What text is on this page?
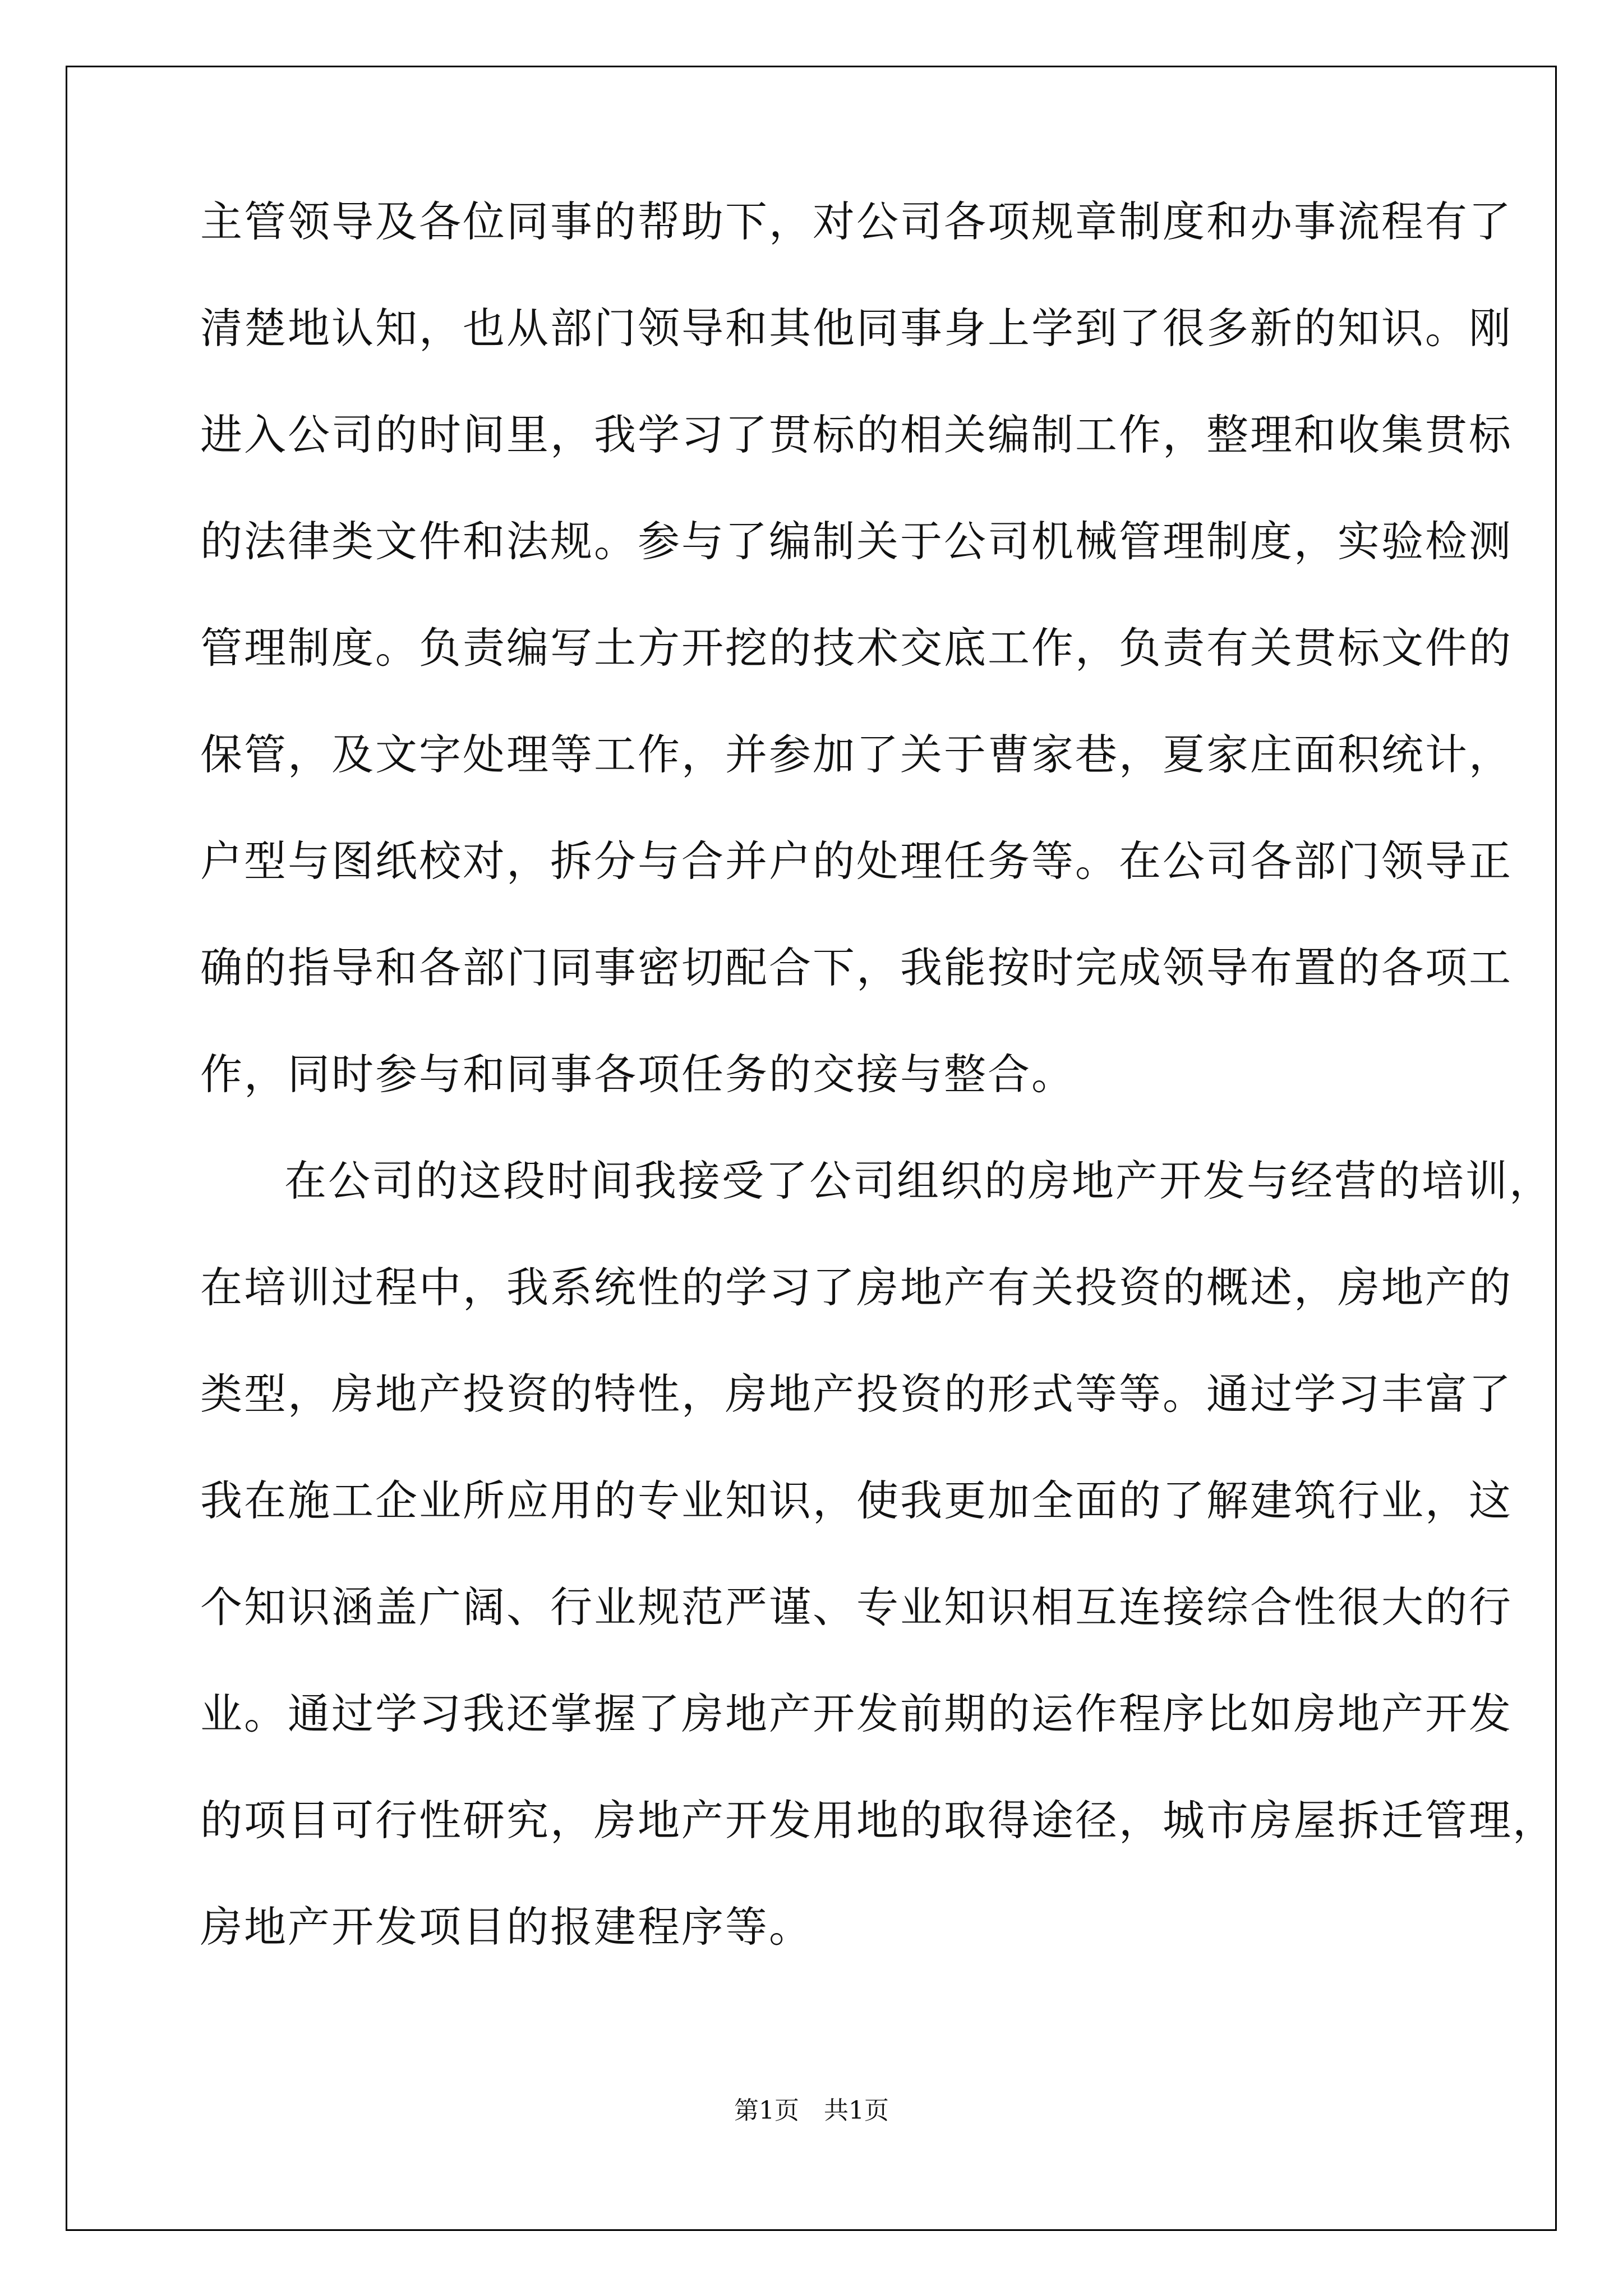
主管领导及各位同事的帮助下，对公司各项规章制度和办事流程有了
清楚地认知，也从部门领导和其他同事身上学到了很多新的知识。刚
进入公司的时间里，我学习了贯标的相关编制工作，整理和收集贯标
的法律类文件和法规。参与了编制关于公司机械管理制度，实验检测
管理制度。负责编写土方开挖的技术交底工作，负责有关贯标文件的
保管，及文字处理等工作，并参加了关于曹家巷，夏家庄面积统计，
户型与图纸校对，拆分与合并户的处理任务等。在公司各部门领导正
确的指导和各部门同事密切配合下，我能按时完成领导布置的各项工
作，同时参与和同事各项任务的交接与整合。
在公司的这段时间我接受了公司组织的房地产开发与经营的培训，
在培训过程中，我系统性的学习了房地产有关投资的概述，房地产的
类型，房地产投资的特性，房地产投资的形式等等。通过学习丰富了
我在施工企业所应用的专业知识，使我更加全面的了解建筑行业，这
个知识涵盖广阔、行业规范严谨、专业知识相互连接综合性很大的行
业。通过学习我还掌握了房地产开发前期的运作程序比如房地产开发
的项目可行性研究，房地产开发用地的取得途径，城市房屋拆迁管理，
房地产开发项目的报建程序等。
第1页　共1页
